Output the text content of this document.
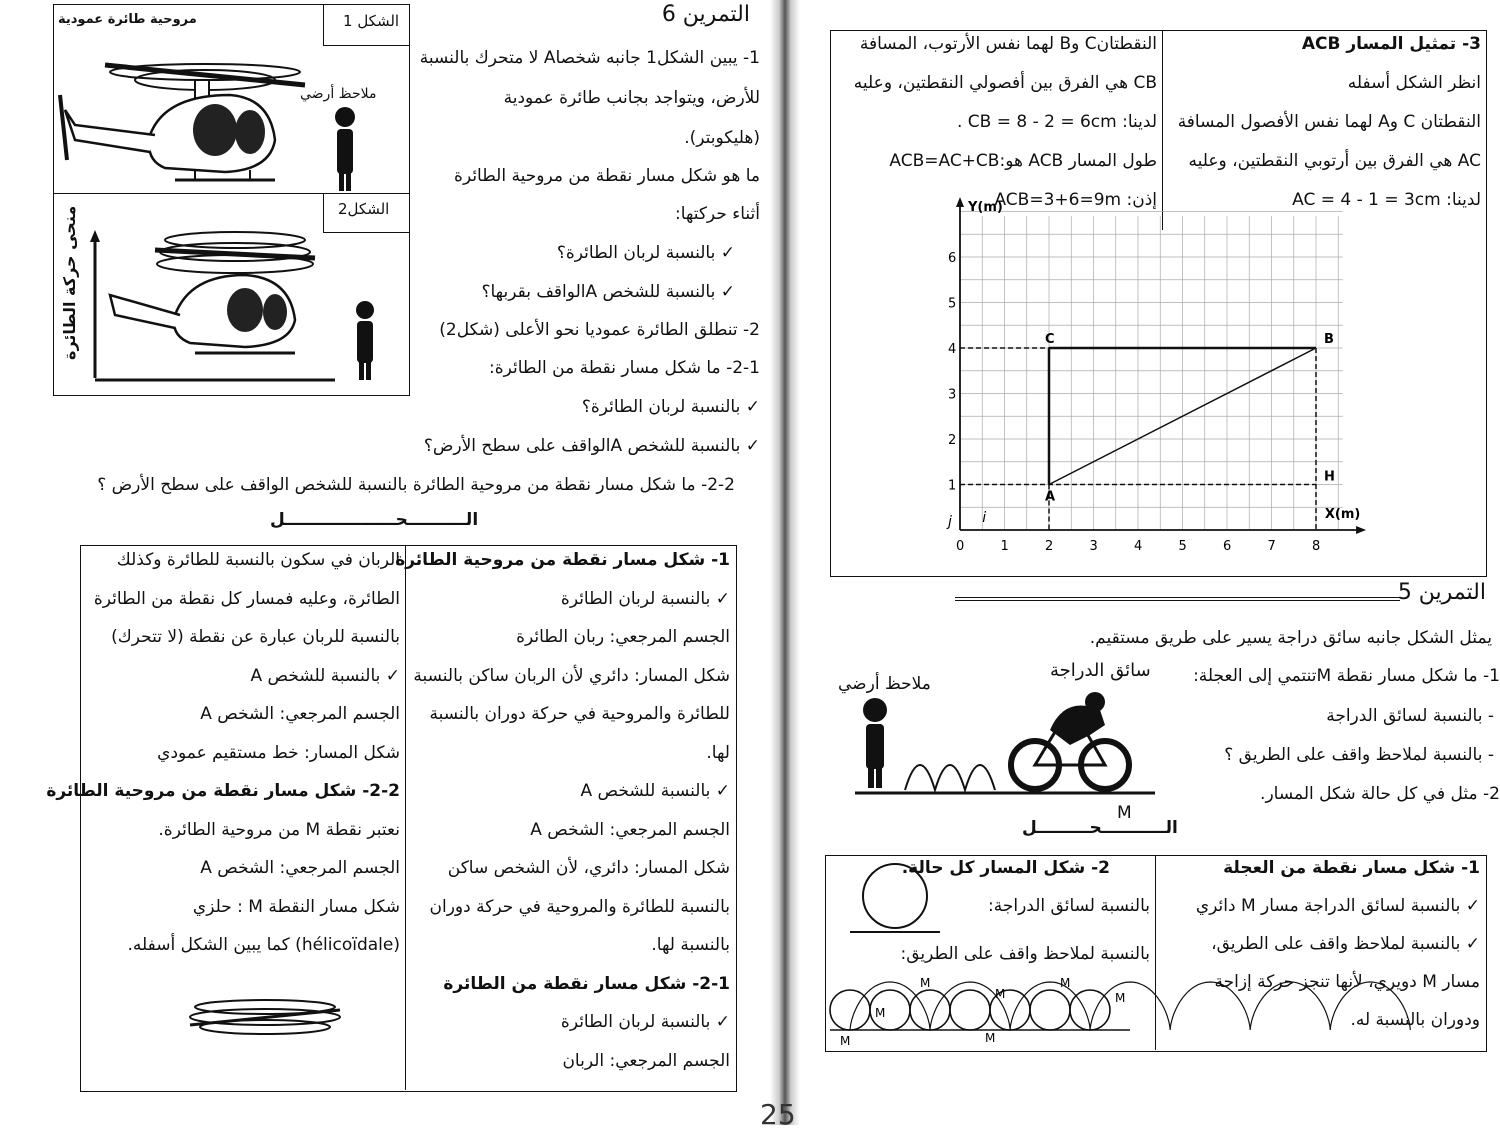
الشكل 1
الشكل2
مروحية طائرة عمودية
ملاحظ أرضي
منحى حركة الطائرة
التمرين 6
1- يبين الشكل1 جانبه شخصاA لا متحرك بالنسبة
للأرض، ويتواجد بجانب طائرة عمودية
(هليكوبتر).
ما هو شكل مسار نقطة من مروحية الطائرة
أثناء حركتها:
✓ بالنسبة لربان الطائرة؟
✓ بالنسبة للشخص Aالواقف بقربها؟
2- تنطلق الطائرة عموديا نحو الأعلى (شكل2)
2-1- ما شكل مسار نقطة من الطائرة:
✓ بالنسبة لربان الطائرة؟
✓ بالنسبة للشخص Aالواقف على سطح الأرض؟
2-2- ما شكل مسار نقطة من مروحية الطائرة بالنسبة للشخص الواقف على سطح الأرض ؟
الــــــــــحـــــــــــــــــــل
1- شكل مسار نقطة من مروحية الطائرة
✓ بالنسبة لربان الطائرة
الجسم المرجعي: ربان الطائرة
شكل المسار: دائري لأن الربان ساكن بالنسبة
للطائرة والمروحية في حركة دوران بالنسبة
لها.
✓ بالنسبة للشخص A
الجسم المرجعي: الشخص A
شكل المسار: دائري، لأن الشخص ساكن
بالنسبة للطائرة والمروحية في حركة دوران
بالنسبة لها.
2-1- شكل مسار نقطة من الطائرة
✓ بالنسبة لربان الطائرة
الجسم المرجعي: الربان
الربان في سكون بالنسبة للطائرة وكذلك
الطائرة، وعليه فمسار كل نقطة من الطائرة
بالنسبة للربان عبارة عن نقطة (لا تتحرك)
✓ بالنسبة للشخص A
الجسم المرجعي: الشخص A
شكل المسار: خط مستقيم عمودي
2-2- شكل مسار نقطة من مروحية الطائرة
نعتبر نقطة M من مروحية الطائرة.
الجسم المرجعي: الشخص A
شكل مسار النقطة M : حلزي
(hélicoïdale) كما يبين الشكل أسفله.
3- تمثيل المسار ACB
انظر الشكل أسفله
النقطتان C وA لهما نفس الأفصول المسافة
AC هي الفرق بين أرتوبي النقطتين، وعليه
لدينا: AC = 4 - 1 = 3cm
النقطتانC وB لهما نفس الأرتوب، المسافة
CB هي الفرق بين أفصولي النقطتين، وعليه
لدينا: CB = 8 - 2 = 6cm .
طول المسار ACB هو:ACB=AC+CB
إذن: ACB=3+6=9m
Y(m)
X(m)
0	1	2	3	4	5	6	7	8
1
2
3
4
5
6
i
j
A
C	B
H
التمرين 5
يمثل الشكل جانبه سائق دراجة يسير على طريق مستقيم.
1- ما شكل مسار نقطة Mتنتمي إلى العجلة:
- بالنسبة لسائق الدراجة
- بالنسبة لملاحظ واقف على الطريق ؟
2- مثل في كل حالة شكل المسار.
سائق الدراجة
ملاحظ أرضي
M
الـــــــــــحـــــــــل
1- شكل مسار نقطة من العجلة
✓ بالنسبة لسائق الدراجة مسار M دائري
✓ بالنسبة لملاحظ واقف على الطريق،
مسار M دويري، لأنها تنجز حركة إزاحة
ودوران بالنسبة له.
2- شكل المسار كل حالة.
بالنسبة لسائق الدراجة:
بالنسبة لملاحظ واقف على الطريق:
M
M
M
M
M
M
M
25
